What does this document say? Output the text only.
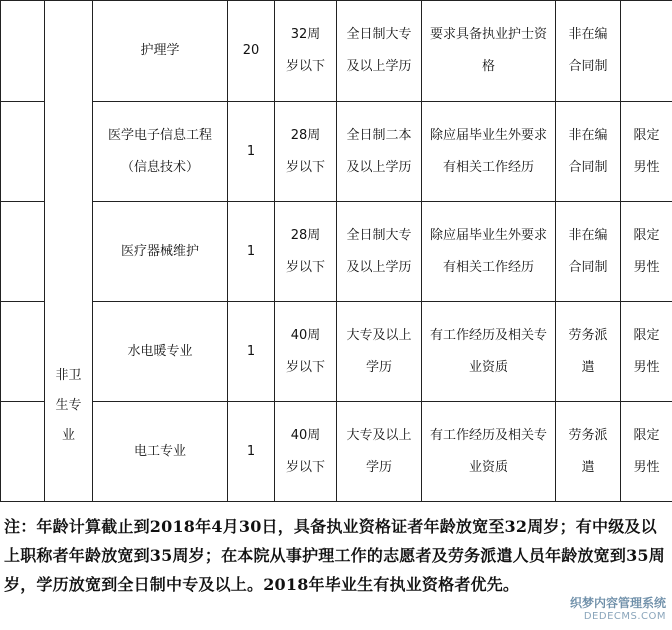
	非卫生专业	护理学	20	32周岁以下	全日制大专及以上学历	要求具备执业护士资格	非在编合同制	
		医学电子信息工程（信息技术）	1	28周岁以下	全日制二本及以上学历	除应届毕业生外要求有相关工作经历	非在编合同制	限定男性
		医疗器械维护	1	28周岁以下	全日制大专及以上学历	除应届毕业生外要求有相关工作经历	非在编合同制	限定男性
		水电暖专业	1	40周岁以下	大专及以上学历	有工作经历及相关专业资质	劳务派遣	限定男性
		电工专业	1	40周岁以下	大专及以上学历	有工作经历及相关专业资质	劳务派遣	限定男性
注：年龄计算截止到2018年4月30日，具备执业资格证者年龄放宽至32周岁；有中级及以上职称者年龄放宽到35周岁；在本院从事护理工作的志愿者及劳务派遣人员年龄放宽到35周岁，学历放宽到全日制中专及以上。2018年毕业生有执业资格者优先。
织梦内容管理系统
DEDECMS.COM
